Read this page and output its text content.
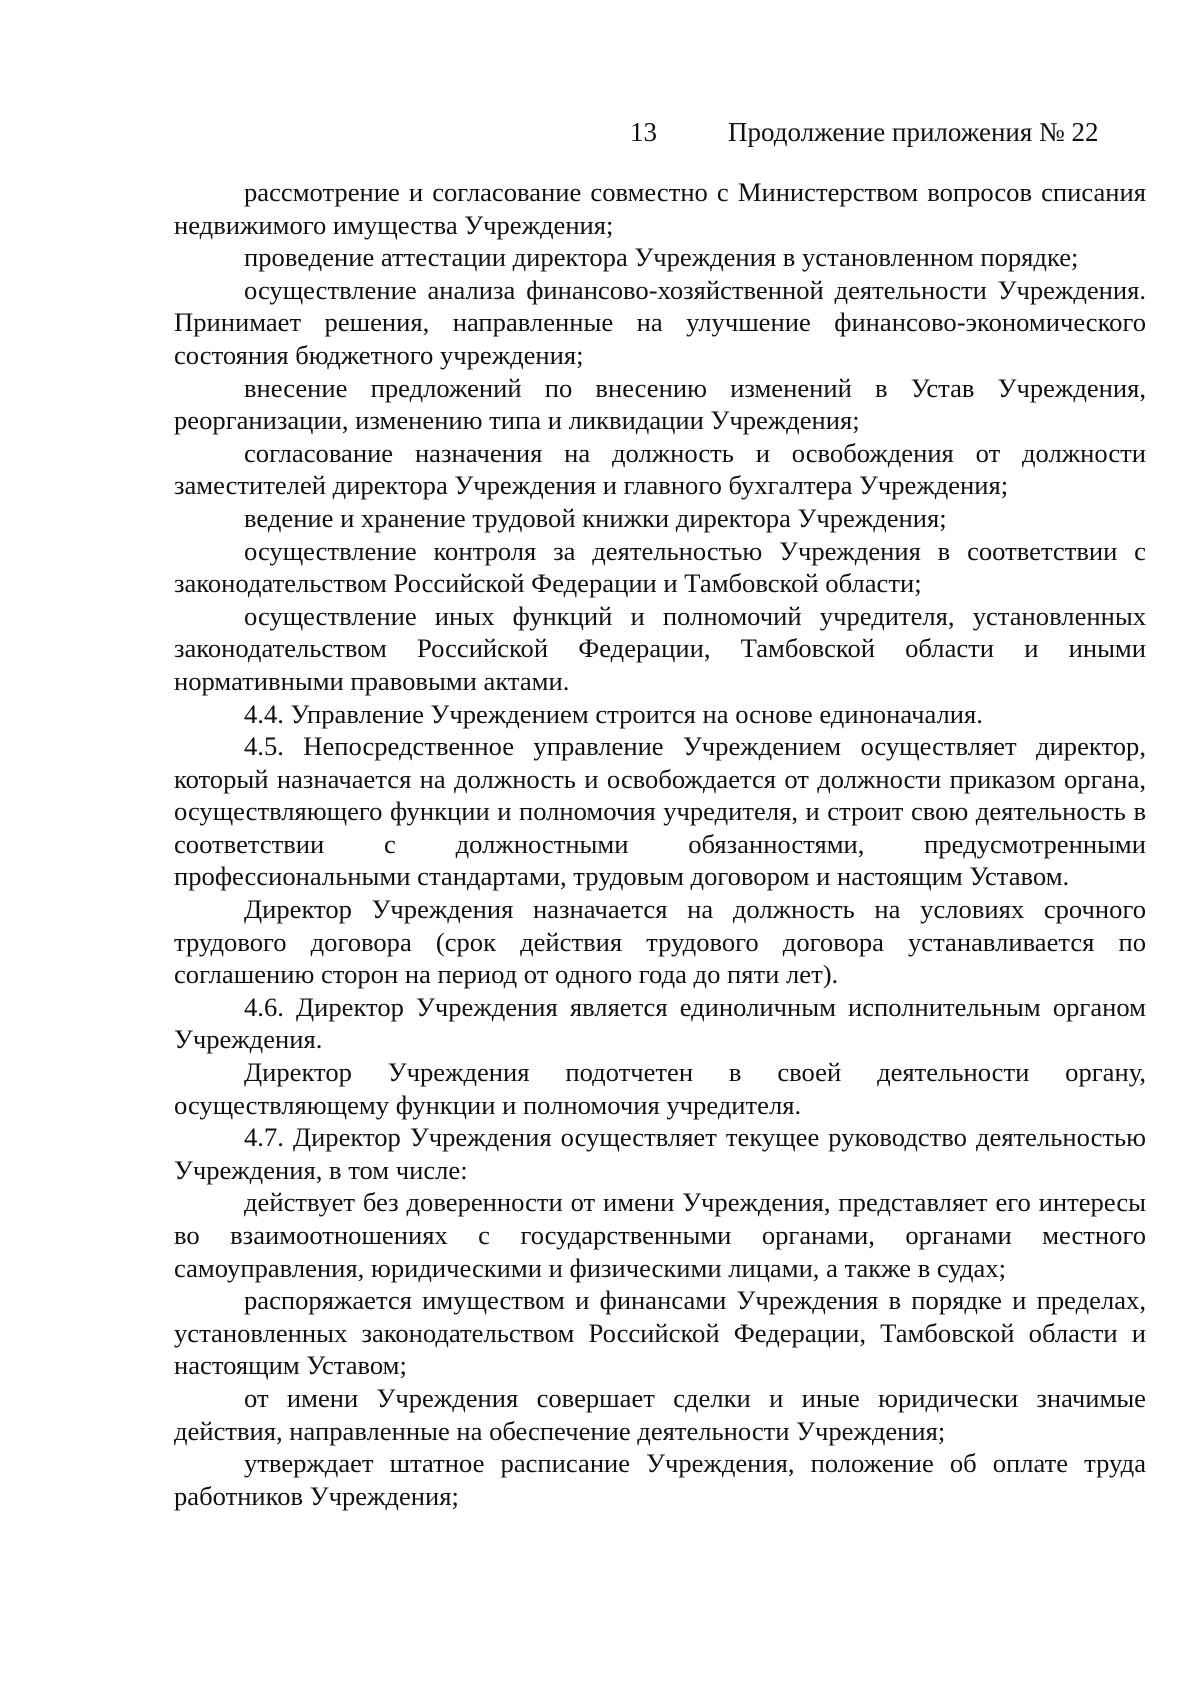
13	Продолжение приложения № 22

рассмотрение и согласование совместно с Министерством вопросов списания недвижимого имущества Учреждения;

проведение аттестации директора Учреждения в установленном порядке;

осуществление анализа финансово-хозяйственной деятельности Учреждения. Принимает решения, направленные на улучшение финансово-экономического состояния бюджетного учреждения;

внесение предложений по внесению изменений в Устав Учреждения, реорганизации, изменению типа и ликвидации Учреждения;

согласование назначения на должность и освобождения от должности заместителей директора Учреждения и главного бухгалтера Учреждения;

ведение и хранение трудовой книжки директора Учреждения;

осуществление контроля за деятельностью Учреждения в соответствии с законодательством Российской Федерации и Тамбовской области;

осуществление иных функций и полномочий учредителя, установленных законодательством Российской Федерации, Тамбовской области и иными нормативными правовыми актами.

4.4. Управление Учреждением строится на основе единоначалия.

4.5. Непосредственное управление Учреждением осуществляет директор, который назначается на должность и освобождается от должности приказом органа, осуществляющего функции и полномочия учредителя, и строит свою деятельность в соответствии с должностными обязанностями, предусмотренными профессиональными стандартами, трудовым договором и настоящим Уставом.

Директор Учреждения назначается на должность на условиях срочного трудового договора (срок действия трудового договора устанавливается по соглашению сторон на период от одного года до пяти лет).

4.6. Директор Учреждения является единоличным исполнительным органом Учреждения.

Директор Учреждения подотчетен в своей деятельности органу, осуществляющему функции и полномочия учредителя.

4.7. Директор Учреждения осуществляет текущее руководство деятельностью Учреждения, в том числе:

действует без доверенности от имени Учреждения, представляет его интересы во взаимоотношениях с государственными органами, органами местного самоуправления, юридическими и физическими лицами, а также в судах;

распоряжается имуществом и финансами Учреждения в порядке и пределах, установленных законодательством Российской Федерации, Тамбовской области и настоящим Уставом;

от имени Учреждения совершает сделки и иные юридически значимые действия, направленные на обеспечение деятельности Учреждения;

утверждает штатное расписание Учреждения, положение об оплате труда работников Учреждения;
